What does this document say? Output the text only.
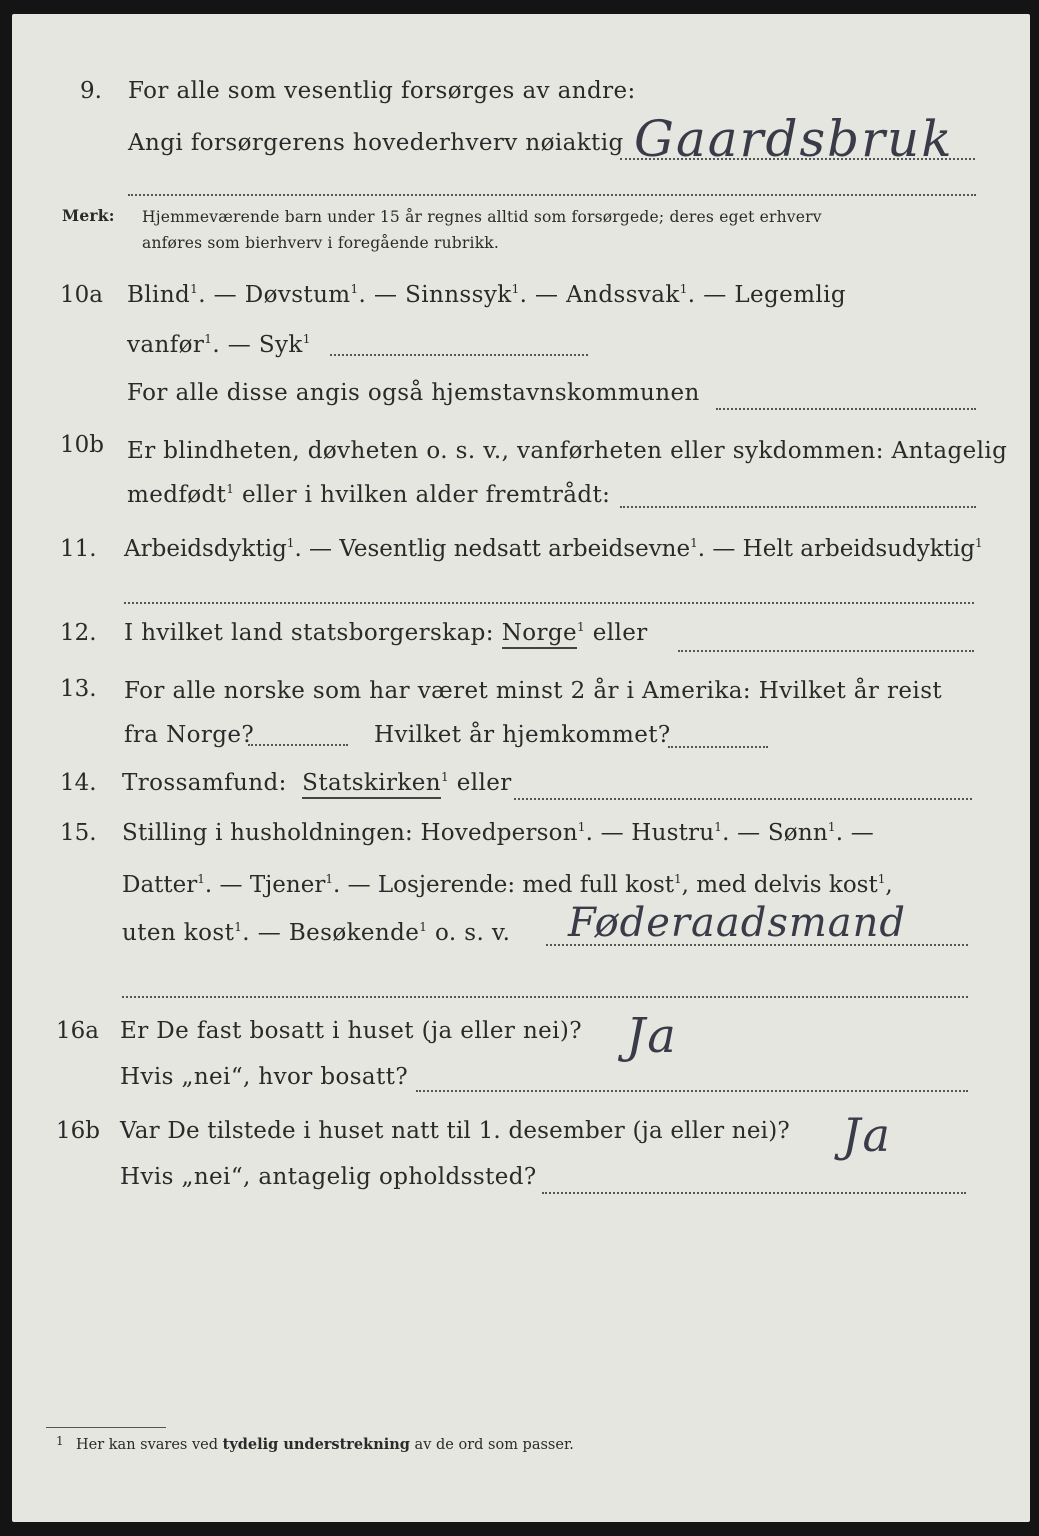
9. For alle som vesentlig forsørges av andre:
Angi forsørgerens hovederhverv nøiaktig Gaardsbruk
Merk: Hjemmeværende barn under 15 år regnes alltid som forsørgede; deres eget erhverv
anføres som bierhverv i foregående rubrikk.
10a Blind$^1$. — Døvstum$^1$. — Sinnssyk$^1$. — Andssvak$^1$. — Legemlig
vanfør$^1$. — Syk$^1$
For alle disse angis også hjemstavnskommunen
10b Er blindheten, døvheten o. s. v., vanførheten eller sykdommen: Antagelig
medfødt$^1$ eller i hvilken alder fremtrådt:
11. Arbeidsdyktig$^1$. — Vesentlig nedsatt arbeidsevne$^1$. — Helt arbeidsudyktig$^1$
12. I hvilket land statsborgerskap: Norge$^1$ eller
13. For alle norske som har været minst 2 år i Amerika: Hvilket år reist
fra Norge?	Hvilket år hjemkommet?
14. Trossamfund: Statskirken$^1$ eller
15. Stilling i husholdningen: Hovedperson$^1$. — Hustru$^1$. — Sønn$^1$. —
Datter$^1$. — Tjener$^1$. — Losjerende: med full kost$^1$, med delvis kost$^1$,
uten kost$^1$. — Besøkende$^1$ o. s. v. Føderaadsmand
16a Er De fast bosatt i huset (ja eller nei)? Ja
Hvis „nei“, hvor bosatt?
16b Var De tilstede i huset natt til 1. desember (ja eller nei)? Ja
Hvis „nei“, antagelig opholdssted?
1 Her kan svares ved tydelig understrekning av de ord som passer.
